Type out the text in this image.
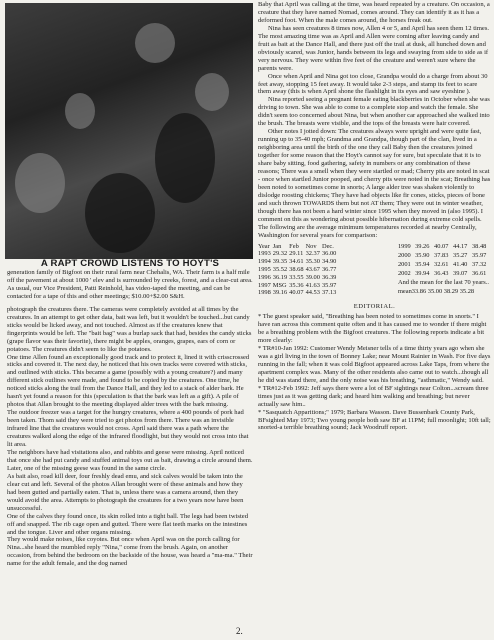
A RAPT CROWD LISTENS TO HOYT'S

generation family of Bigfoot on their rural farm near Chehalis, WA. Their farm is a half mile off the pavement at about 1000 ' elev and is surrounded by creeks, forest, and a clear-cut area.

As usual, our Vice President, Patti Reinhold, has video-taped the meeting, and can be contacted for a tape of this and other meetings; $10.00+$2.00 S&H.

photograph the creatures there. The cameras were completely avoided at all times by the creatures. In an attempt to get other data, bait was left, but it wouldn't be touched...but candy sticks would be licked away, and not touched. Almost as if the creatures knew that fingerprints would be left. The "bait bag" was a burlap sack that had, besides the candy sticks (grape flavor was their favorite), there might be apples, oranges, grapes, ears of corn or potatoes. The creatures didn't seem to like the potatoes.

One time Allen found an exceptionally good track and to protect it, lined it with crisscrossed sticks and covered it. The next day, he noticed that his own tracks were covered with sticks, and outlined with sticks. This became a game (possibly with a young creature?) and many different stick outlines were made, and found to be copied by the creatures. One time, he noticed sticks along the trail from the Dance Hall, and they led to a stack of alder bark. He hasn't yet found a reason for this (speculation is that the bark was left as a gift). A pile of photos that Allan brought to the meeting displayed alder trees with the bark missing.

The outdoor freezer was a target for the hungry creatures, where a 400 pounds of pork had been taken. Thom said they were tried to get photos from there. There was an invisible infrared line that the creatures would not cross. April said there was a path where the creatures walked along the edge of the infrared floodlight, but they would not cross into that lit area.

The neighbors have had visitations also, and rabbits and geese were missing. April noticed that once she had put candy and stuffed animal toys out as bait, drawing a circle around them. Later, one of the missing geese was found in the same circle.

As bait also, road kill deer, four freshly dead emu, and sick calves would be taken into the clear cut and left. Several of the photos Allan brought were of these animals and how they had been gutted and partially eaten. That is, unless there was a camera around, then they would avoid the area. Attempts to photograph the creatures for a two years now have been unsuccessful.

One of the calves they found once, its skin rolled into a tight ball. The legs had been twisted off and snapped. The rib cage open and gutted. There were flat teeth marks on the intestines and the tongue. Liver and other organs missing.

They would make noises, like coyotes. But once when April was on the porch calling for Nina...she heard the mumbled reply "Nina," come from the brush. Again, on another occasion, from behind the bedroom on the backside of the house, was heard a "ma-ma." Their name for the adult female, and the dog named

Baby that April was calling at the time, was heard repeated by a creature. On occasion, a creature that they have named Nomad, comes around. They can identify it as it has a deformed foot. When the male comes around, the horses freak out.

Nina has seen creatures 8 times now, Allen 4 or 5, and April has seen them 12 times. The most amazing time was as April and Allen were coming after leaving candy and fruit as bait at the Dance Hall, and there just off the trail at dusk, all hunched down and obviously scared, was Junior, hands between its legs and swaying from side to side as if very nervous. They were within five feet of the creature and weren't sure where the parents were.

Once when April and Nina got too close, Grandpa would do a charge from about 30 feet away, stopping 15 feet away. It would take 2-3 steps, and stamp its feet to scare them away (this is when April shone the flashlight in its eyes and saw eyeshine ).

Nina reported seeing a pregnant female eating blackberries in October when she was driving to town. She was able to come to a complete stop and watch the female. She didn't seem too concerned about Nina, but when another car approached she walked into the brush. The breasts were visible, and the tops of the breasts were hair covered.

Other notes I jotted down: The creatures always were upright and were quite fast, running up to 35-40 mph; Grandma and Grandpa, though part of the clan, lived in a neighboring area until the birth of the one they call Baby then the creatures joined together for some reason that the Hoyt's cannot say for sure, but speculate that it is to share baby sitting, food gathering, safety in numbers or any combination of these reasons; There was a smell when they were startled or mad; Cherry pits are noted in scat - once when startled Junior pooped, and cherry pits were noted in the scat; Breathing has been noted to sometimes come in snorts; A large alder tree was shaken violently to dislodge roosting chickens; They have had objects like fir cones, sticks, pieces of bone and such thrown TOWARDS them but not AT them; They were out in winter weather, though there has not been a hard winter since 1995 when they moved in (also 1995). I comment on this as wondering about possible hibernation during extreme cold spells. The following are the average minimum temperatures recorded at nearby Centrally, Washington for several years for comparison:

Year	Jan	Feb	Nov	Dec.
1993	29.32	29.11	32.37	36.00
1994	39.35	34.61	35.30	34.90
1995	35.52	38.68	43.67	36.77
1996	36.19	33.55	39.00	36.39
1997	MSG	35.36	41.63	35.97
1998	39.16	40.07	44.53	37.13
1999	39.26	40.07	44.17	38.48
2000	35.90	37.83	35.27	35.97
2001	35.94	32.61	41.40	37.32
2002	39.94	36.43	39.07	36.61
And the mean for the last 70 years..				
mean33.86 35.00 38.29 35.28				
EDITORIAL.

* The guest speaker said, "Breathing has been noted to sometimes come in snorts." I have ran across this comment quite often and it has caused me to wonder if there might be a breathing problem with the Bigfoot creatures. The following reports indicate a bit more clearly:

* TR#10-Jan 1992: Customer Wendy Meisner tells of a time thirty years ago when she was a girl living in the town of Bonney Lake; near Mount Rainier in Wash. For five days running in the fall; when it was cold Bigfoot appeared across Lake Taps, from where the apartment complex was. Many of the other residents also came out to watch...though all he did was stand there, and the only noise was his breathing, "asthmatic," Wendy said.

* TR#12-Feb 1992: Jeff says there were a lot of BF sightings near Colton...scream three times just as it was getting dark; and heard him walking and breathing; but never actually saw him..

* "Sasquatch Apparitions;" 1979; Barbara Wasson. Dave Bussenbark County Park, BFsighted May 1973; Two young people both saw BF at 11PM; full moonlight; 10ft tall; snorted-a terrible breathing sound; Jack Woodruff report.

2.
